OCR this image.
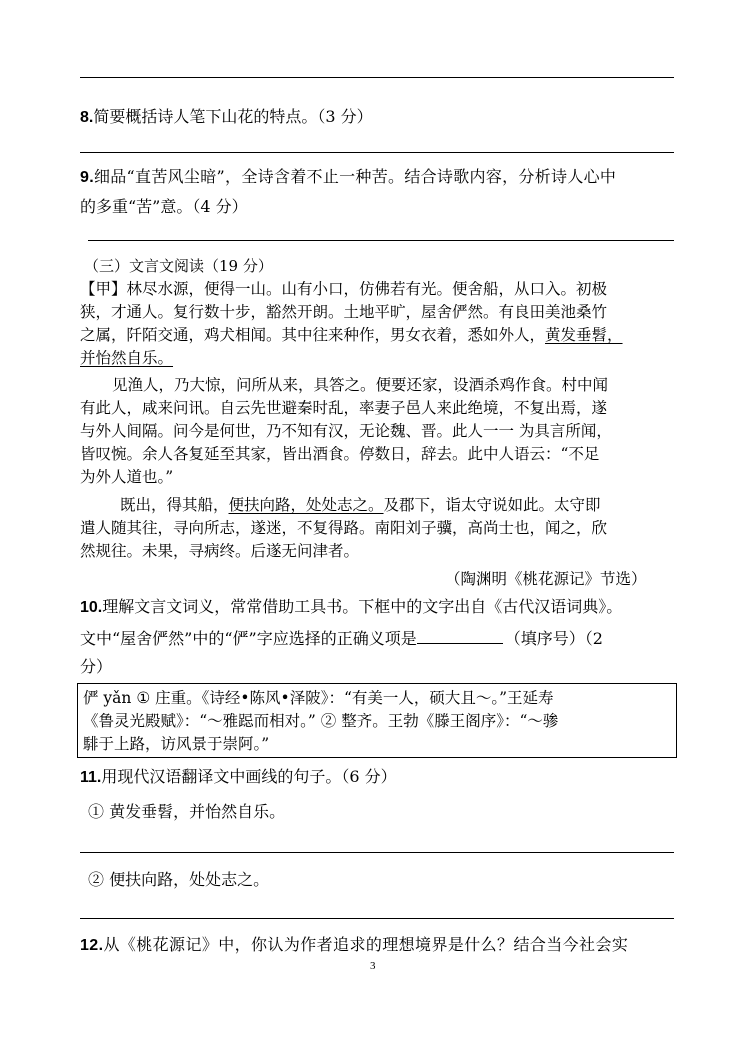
8.简要概括诗人笔下山花的特点。（3 分）
9.细品“直苦风尘暗”，全诗含着不止一种苦。结合诗歌内容，分析诗人心中
的多重“苦”意。（4 分）
（三）文言文阅读（19 分）
【甲】林尽水源，便得一山。山有小口，仿佛若有光。便舍船，从口入。初极
狭，才通人。复行数十步，豁然开朗。土地平旷，屋舍俨然。有良田美池桑竹
之属，阡陌交通，鸡犬相闻。其中往来种作，男女衣着，悉如外人，黄发垂髫，
并怡然自乐。
见渔人，乃大惊，问所从来，具答之。便要还家，设酒杀鸡作食。村中闻
有此人，咸来问讯。自云先世避秦时乱，率妻子邑人来此绝境，不复出焉，遂
与外人间隔。问今是何世，乃不知有汉，无论魏、晋。此人一一 为具言所闻，
皆叹惋。余人各复延至其家，皆出酒食。停数日，辞去。此中人语云：“不足
为外人道也。”
既出，得其船，便扶向路，处处志之。及郡下，诣太守说如此。太守即
遣人随其往，寻向所志，遂迷，不复得路。南阳刘子骥，高尚士也，闻之，欣
然规往。未果，寻病终。后遂无问津者。
（陶渊明《桃花源记》节选）
10.理解文言文词义，常常借助工具书。下框中的文字出自《古代汉语词典》。
文中“屋舍俨然”中的“俨”字应选择的正确义项是	（填序号）（2
分）
俨 yǎn ① 庄重。《诗经•陈风•泽陂》：“有美一人，硕大且～。”王延寿
《鲁灵光殿赋》：“～雅跽而相对。” ② 整齐。王勃《滕王阁序》：“～骖
騑于上路，访风景于崇阿。”
11.用现代汉语翻译文中画线的句子。（6 分）
① 黄发垂髫，并怡然自乐。
② 便扶向路，处处志之。
12.从《桃花源记》中，你认为作者追求的理想境界是什么？结合当今社会实
3
